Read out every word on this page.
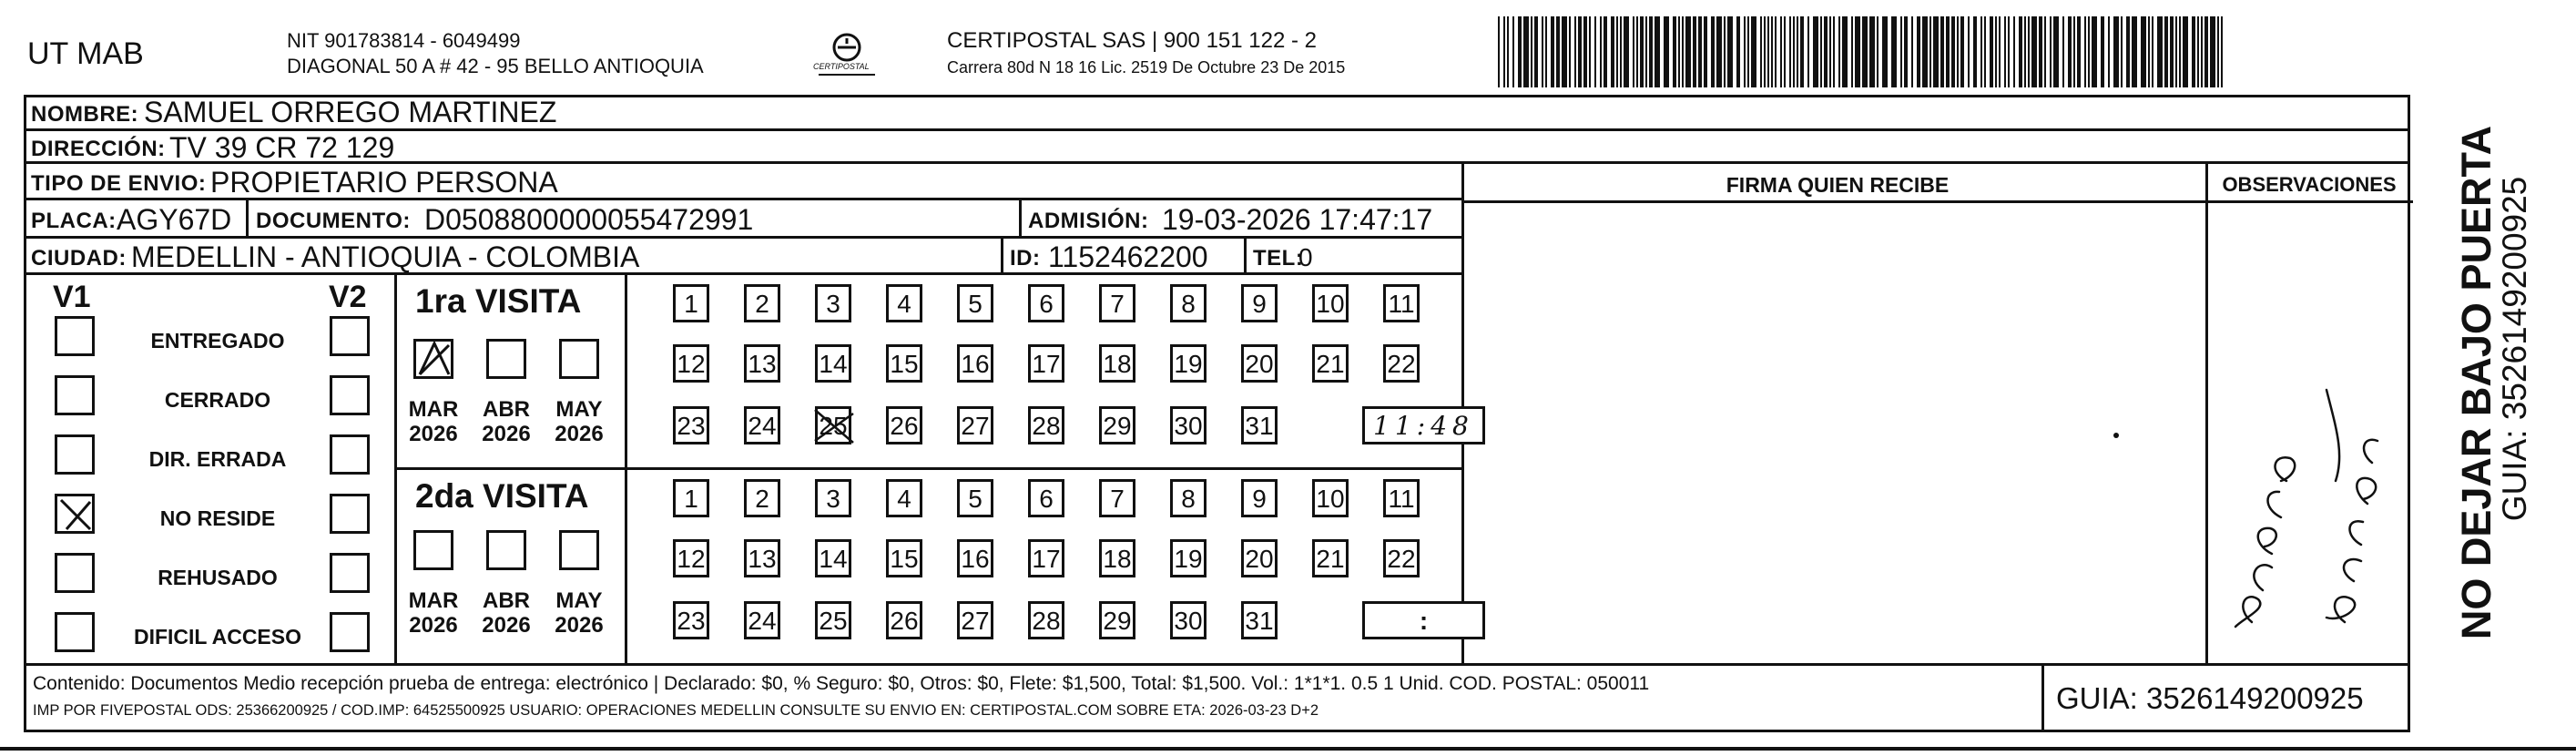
UT MAB	NIT 901783814 - 6049499
DIAGONAL 50 A # 42 - 95 BELLO ANTIOQUIA	CERTIPOSTAL
CERTIPOSTAL SAS | 900 151 122 - 2
Carrera 80d N 18 16 Lic. 2519 De Octubre 23 De 2015
NOMBRE: SAMUEL ORREGO MARTINEZ
DIRECCIÓN: TV 39 CR 72 129
FIRMA QUIEN RECIBE	OBSERVACIONES
TIPO DE ENVIO: PROPIETARIO PERSONA
PLACA: AGY67D DOCUMENTO: D0508800000055472991	ADMISIÓN: 19-03-2026 17:47:17
CIUDAD: MEDELLIN - ANTIOQUIA - COLOMBIA	ID: 1152462200 TEL:
0
V1	V2
ENTREGADO
CERRADO
DIR. ERRADA
NO RESIDE
REHUSADO
DIFICIL ACCESO
1ra VISITA
MAR
2026
ABR
2026
MAY
2026
1	2	3	4	5	6	7	8	9	10 11
12 13 14 15 16 17 18 19 20 21 22
23 24 25 26 27 28 29 30 31	11:48
2da VISITA
MAR
2026
ABR
2026
MAY
2026
1	2	3	4	5	6	7	8	9	10 11
12 13 14 15 16 17 18 19 20 21 22
23 24 25 26 27 28 29 30 31	:
Contenido: Documentos Medio recepción prueba de entrega: electrónico | Declarado: $0, % Seguro: $0, Otros: $0, Flete: $1,500, Total: $1,500. Vol.: 1*1*1. 0.5 1 Unid. COD. POSTAL: 050011
IMP POR FIVEPOSTAL ODS: 25366200925 / COD.IMP: 64525500925 USUARIO: OPERACIONES MEDELLIN CONSULTE SU ENVIO EN: CERTIPOSTAL.COM SOBRE ETA: 2026-03-23 D+2	GUIA: 3526149200925
NO DEJAR BAJO PUERTA
GUIA: 3526149200925
